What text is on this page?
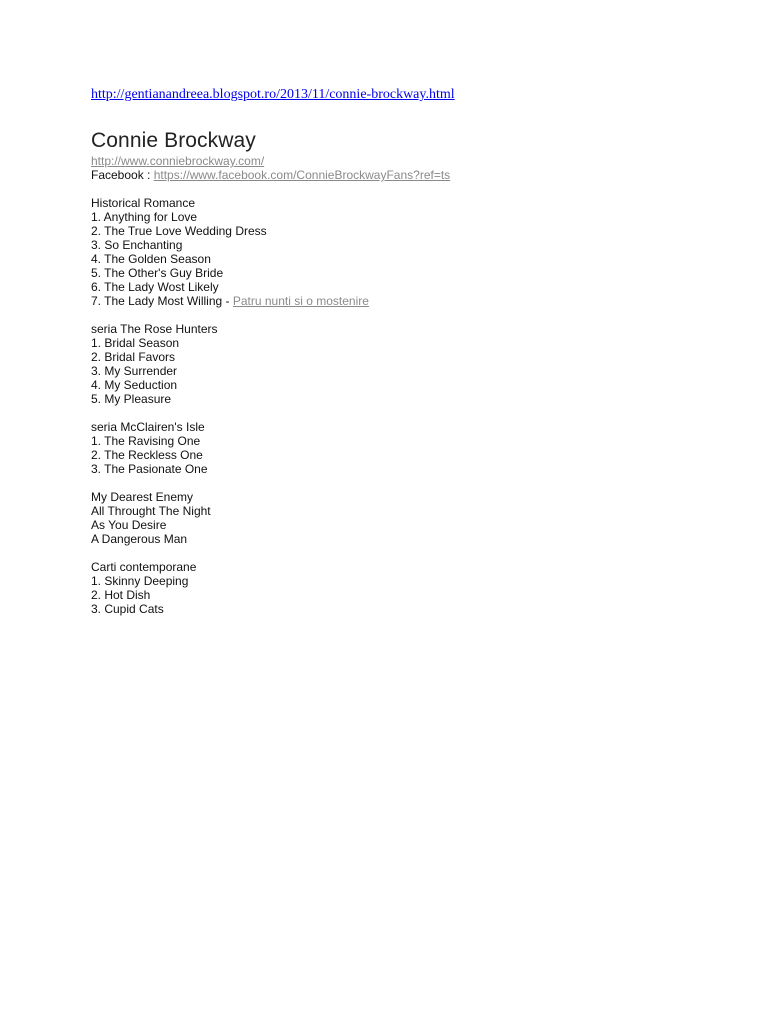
http://gentianandreea.blogspot.ro/2013/11/connie-brockway.html
Connie Brockway
http://www.conniebrockway.com/
Facebook : https://www.facebook.com/ConnieBrockwayFans?ref=ts
Historical Romance
1. Anything for Love
2. The True Love Wedding Dress
3. So Enchanting
4. The Golden Season
5. The Other's Guy Bride
6. The Lady Wost Likely
7. The Lady Most Willing - Patru nunti si o mostenire
seria The Rose Hunters
1. Bridal Season
2. Bridal Favors
3. My Surrender
4. My Seduction
5. My Pleasure
seria McClairen's Isle
1. The Ravising One
2. The Reckless One
3. The Pasionate One
My Dearest Enemy
All Throught The Night
As You Desire
A Dangerous Man
Carti contemporane
1. Skinny Deeping
2. Hot Dish
3. Cupid Cats
